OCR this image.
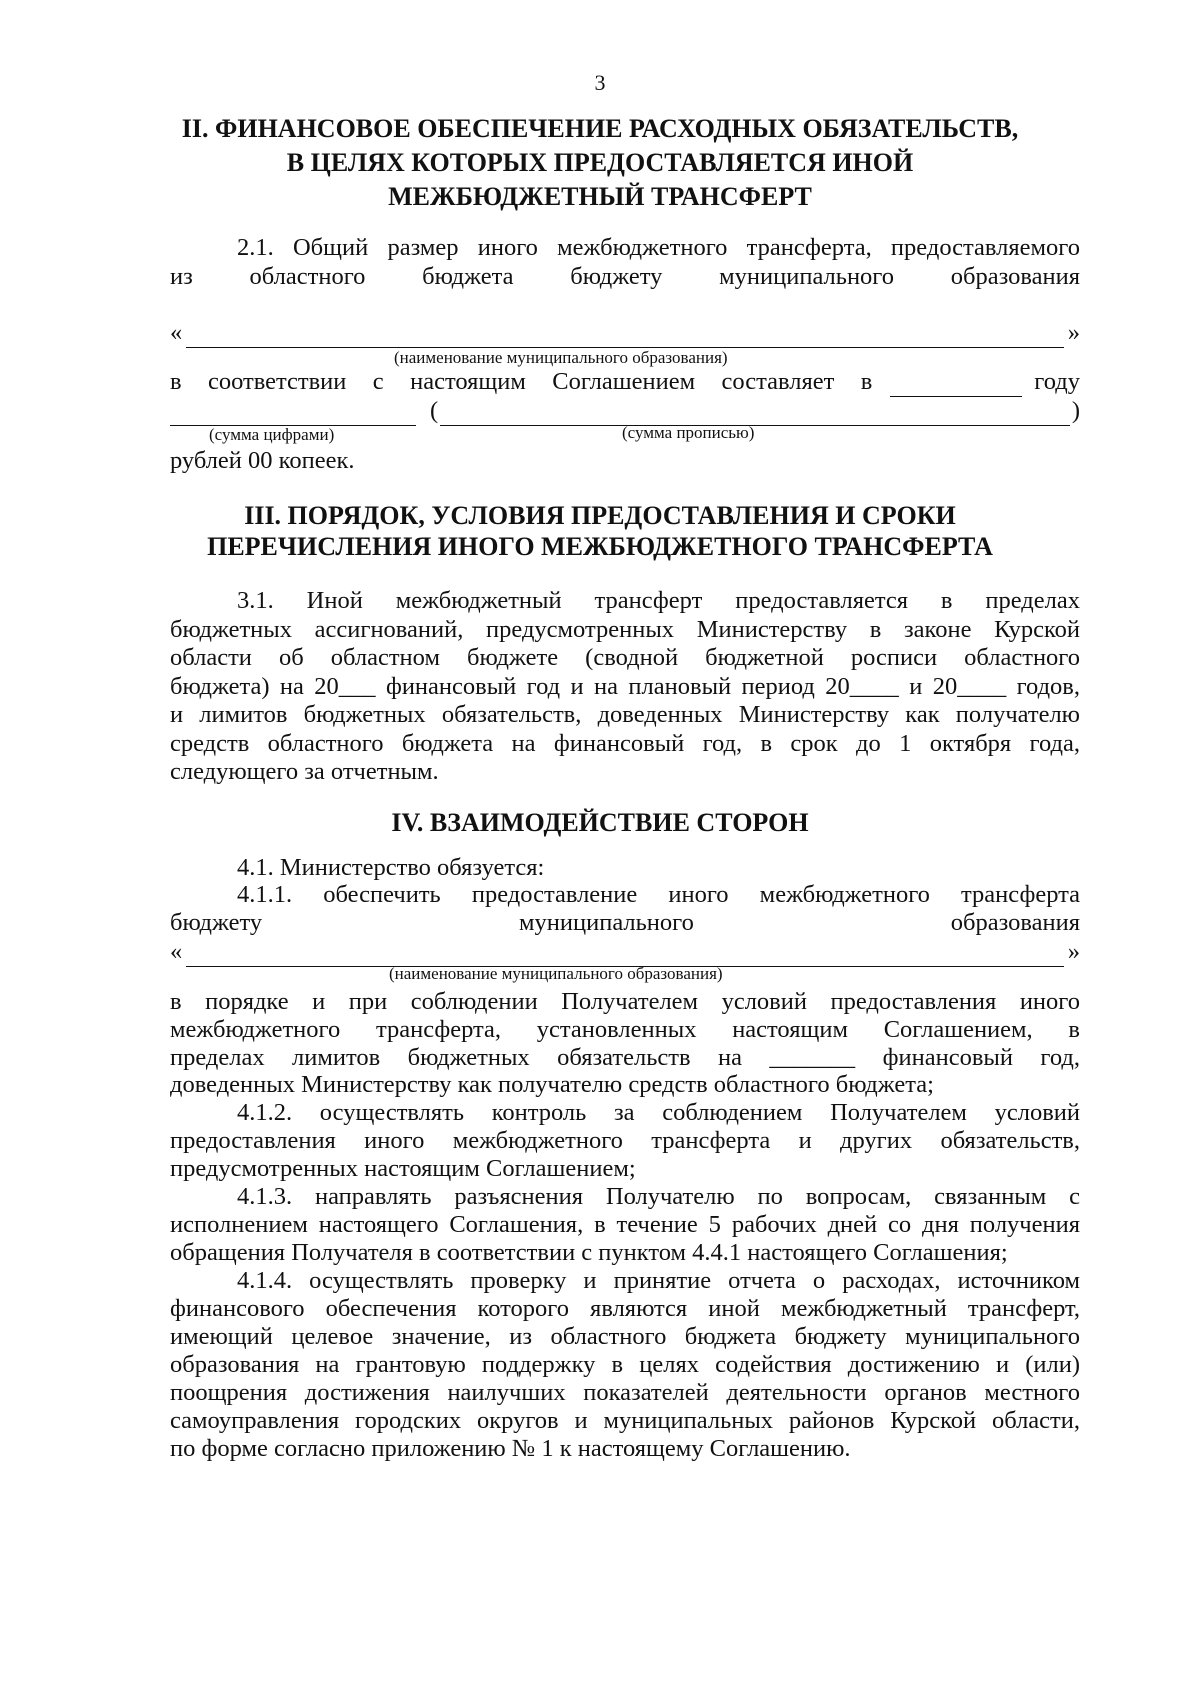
3
II. ФИНАНСОВОЕ ОБЕСПЕЧЕНИЕ РАСХОДНЫХ ОБЯЗАТЕЛЬСТВ,
В ЦЕЛЯХ КОТОРЫХ ПРЕДОСТАВЛЯЕТСЯ ИНОЙ
МЕЖБЮДЖЕТНЫЙ ТРАНСФЕРТ
2.1. Общий размер иного межбюджетного трансферта, предоставляемого
из областного бюджета бюджету муниципального образования
«	»
(наименование муниципального образования)
в соответствии с настоящим Соглашением составляет в	году
(	)
(сумма цифрами)	(сумма прописью)
рублей 00 копеек.
III. ПОРЯДОК, УСЛОВИЯ ПРЕДОСТАВЛЕНИЯ И СРОКИ
ПЕРЕЧИСЛЕНИЯ ИНОГО МЕЖБЮДЖЕТНОГО ТРАНСФЕРТА
3.1. Иной межбюджетный трансферт предоставляется в пределах
бюджетных ассигнований, предусмотренных Министерству в законе Курской
области об областном бюджете (сводной бюджетной росписи областного
бюджета) на 20___ финансовый год и на плановый период 20____ и 20____ годов,
и лимитов бюджетных обязательств, доведенных Министерству как получателю
средств областного бюджета на финансовый год, в срок до 1 октября года,
следующего за отчетным.
IV. ВЗАИМОДЕЙСТВИЕ СТОРОН
4.1. Министерство обязуется:
4.1.1. обеспечить предоставление иного межбюджетного трансферта
бюджету муниципального образования
«	»
(наименование муниципального образования)
в порядке и при соблюдении Получателем условий предоставления иного
межбюджетного трансферта, установленных настоящим Соглашением, в
пределах лимитов бюджетных обязательств на _______ финансовый год,
доведенных Министерству как получателю средств областного бюджета;
4.1.2. осуществлять контроль за соблюдением Получателем условий
предоставления иного межбюджетного трансферта и других обязательств,
предусмотренных настоящим Соглашением;
4.1.3. направлять разъяснения Получателю по вопросам, связанным с
исполнением настоящего Соглашения, в течение 5 рабочих дней со дня получения
обращения Получателя в соответствии с пунктом 4.4.1 настоящего Соглашения;
4.1.4. осуществлять проверку и принятие отчета о расходах, источником
финансового обеспечения которого являются иной межбюджетный трансферт,
имеющий целевое значение, из областного бюджета бюджету муниципального
образования на грантовую поддержку в целях содействия достижению и (или)
поощрения достижения наилучших показателей деятельности органов местного
самоуправления городских округов и муниципальных районов Курской области,
по форме согласно приложению № 1 к настоящему Соглашению.
